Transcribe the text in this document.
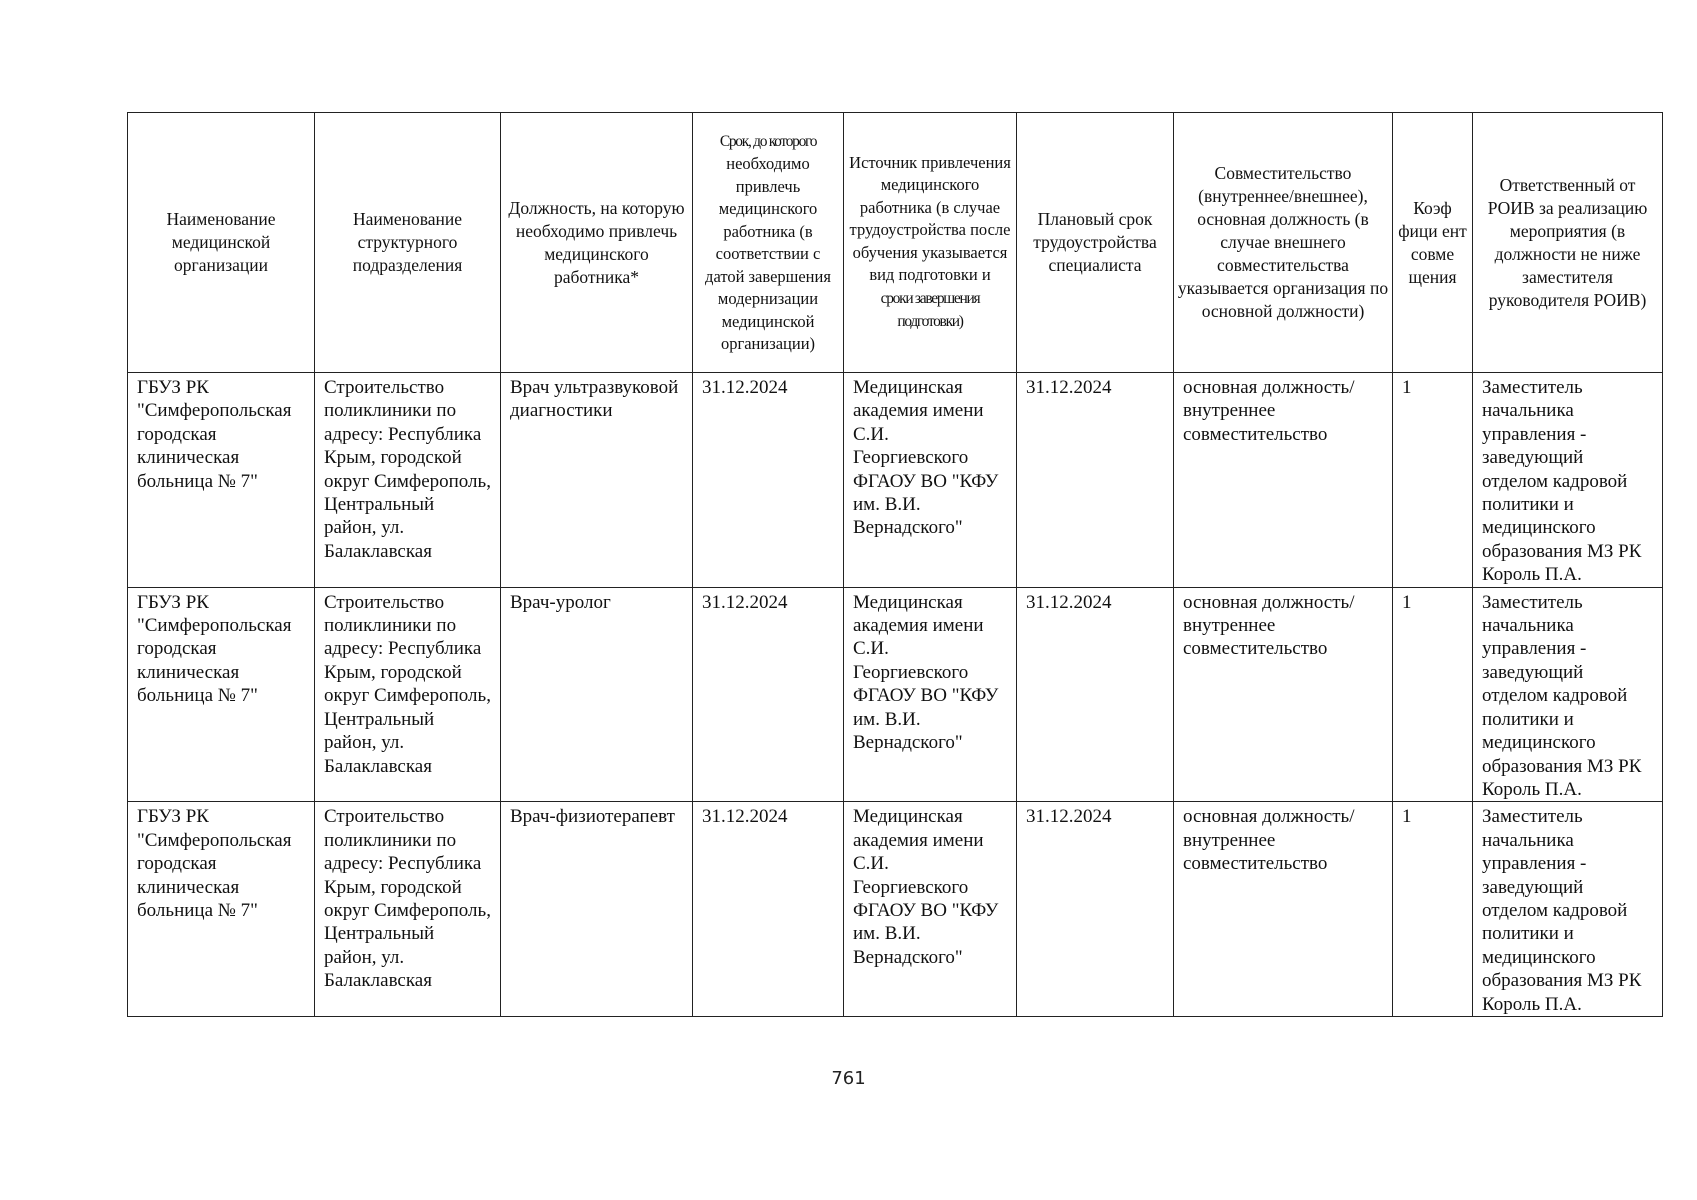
Наименование медицинской организации	Наименование структурного подразделения	Должность, на которую необходимо привлечь медицинского работника*	Срок, до которого
необходимо привлечь медицинского работника (в соответствии с датой завершения модернизации медицинской организации)	Источник привлечения медицинского работника (в случае трудоустройства после обучения указывается вид подготовки и
сроки завершения подготовки)	Плановый срок трудоустройства специалиста	Совместительство (внутреннее/внешнее), основная должность (в случае внешнего совместительства указывается организация по основной должности)	Коэф фици ент совме щения	Ответственный от РОИВ за реализацию мероприятия (в должности не ниже заместителя руководителя РОИВ)

ГБУЗ РК "Симферопольская городская клиническая больница № 7"	Строительство поликлиники по адресу: Республика Крым, городской округ Симферополь, Центральный район, ул. Балаклавская	Врач ультразвуковой диагностики	31.12.2024	Медицинская академия имени С.И. Георгиевского ФГАОУ ВО "КФУ им. В.И. Вернадского"	31.12.2024	основная должность/ внутреннее совместительство	1	Заместитель начальника управления - заведующий отделом кадровой политики и медицинского образования МЗ РК Король П.А.

ГБУЗ РК "Симферопольская городская клиническая больница № 7"	Строительство поликлиники по адресу: Республика Крым, городской округ Симферополь, Центральный район, ул. Балаклавская	Врач-уролог	31.12.2024	Медицинская академия имени С.И. Георгиевского ФГАОУ ВО "КФУ им. В.И. Вернадского"	31.12.2024	основная должность/ внутреннее совместительство	1	Заместитель начальника управления - заведующий отделом кадровой политики и медицинского образования МЗ РК Король П.А.

ГБУЗ РК "Симферопольская городская клиническая больница № 7"	Строительство поликлиники по адресу: Республика Крым, городской округ Симферополь, Центральный район, ул. Балаклавская	Врач-физиотерапевт	31.12.2024	Медицинская академия имени С.И. Георгиевского ФГАОУ ВО "КФУ им. В.И. Вернадского"	31.12.2024	основная должность/ внутреннее совместительство	1	Заместитель начальника управления - заведующий отделом кадровой политики и медицинского образования МЗ РК Король П.А.
761
